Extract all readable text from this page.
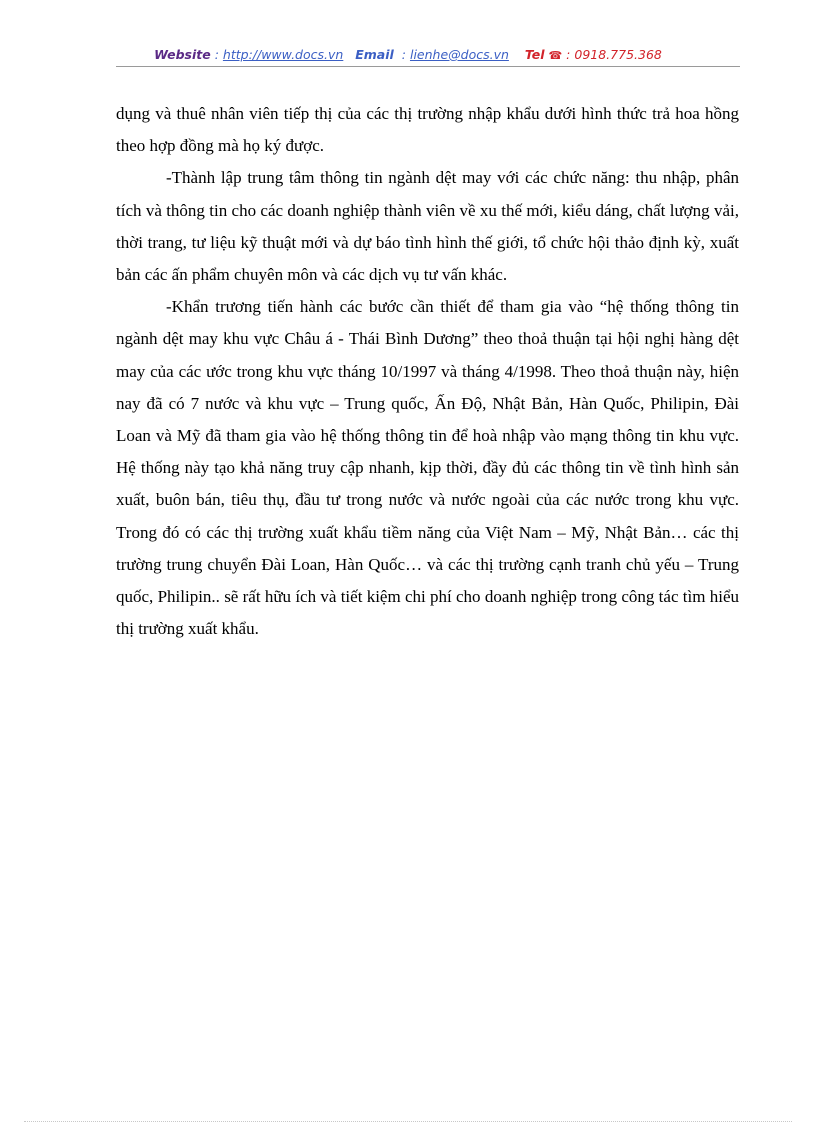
Website : http://www.docs.vn Email : lienhe@docs.vn Tel ☎ : 0918.775.368

dụng và thuê nhân viên tiếp thị của các thị trường nhập khẩu dưới hình thức trả hoa hồng theo hợp đồng mà họ ký được.

-Thành lập trung tâm thông tin ngành dệt may với các chức năng: thu nhập, phân tích và thông tin cho các doanh nghiệp thành viên về xu thế mới, kiểu dáng, chất lượng vải, thời trang, tư liệu kỹ thuật mới và dự báo tình hình thế giới, tổ chức hội thảo định kỳ, xuất bản các ấn phẩm chuyên môn và các dịch vụ tư vấn khác.

-Khẩn trương tiến hành các bước cần thiết để tham gia vào “hệ thống thông tin ngành dệt may khu vực Châu á - Thái Bình Dương” theo thoả thuận tại hội nghị hàng dệt may của các ước trong khu vực tháng 10/1997 và tháng 4/1998. Theo thoả thuận này, hiện nay đã có 7 nước và khu vực – Trung quốc, Ấn Độ, Nhật Bản, Hàn Quốc, Philipin, Đài Loan và Mỹ đã tham gia vào hệ thống thông tin để hoà nhập vào mạng thông tin khu vực. Hệ thống này tạo khả năng truy cập nhanh, kịp thời, đầy đủ các thông tin về tình hình sản xuất, buôn bán, tiêu thụ, đầu tư trong nước và nước ngoài của các nước trong khu vực. Trong đó có các thị trường xuất khẩu tiềm năng của Việt Nam – Mỹ, Nhật Bản… các thị trường trung chuyển Đài Loan, Hàn Quốc… và các thị trường cạnh tranh chủ yếu – Trung quốc, Philipin.. sẽ rất hữu ích và tiết kiệm chi phí cho doanh nghiệp trong công tác tìm hiểu thị trường xuất khẩu.
